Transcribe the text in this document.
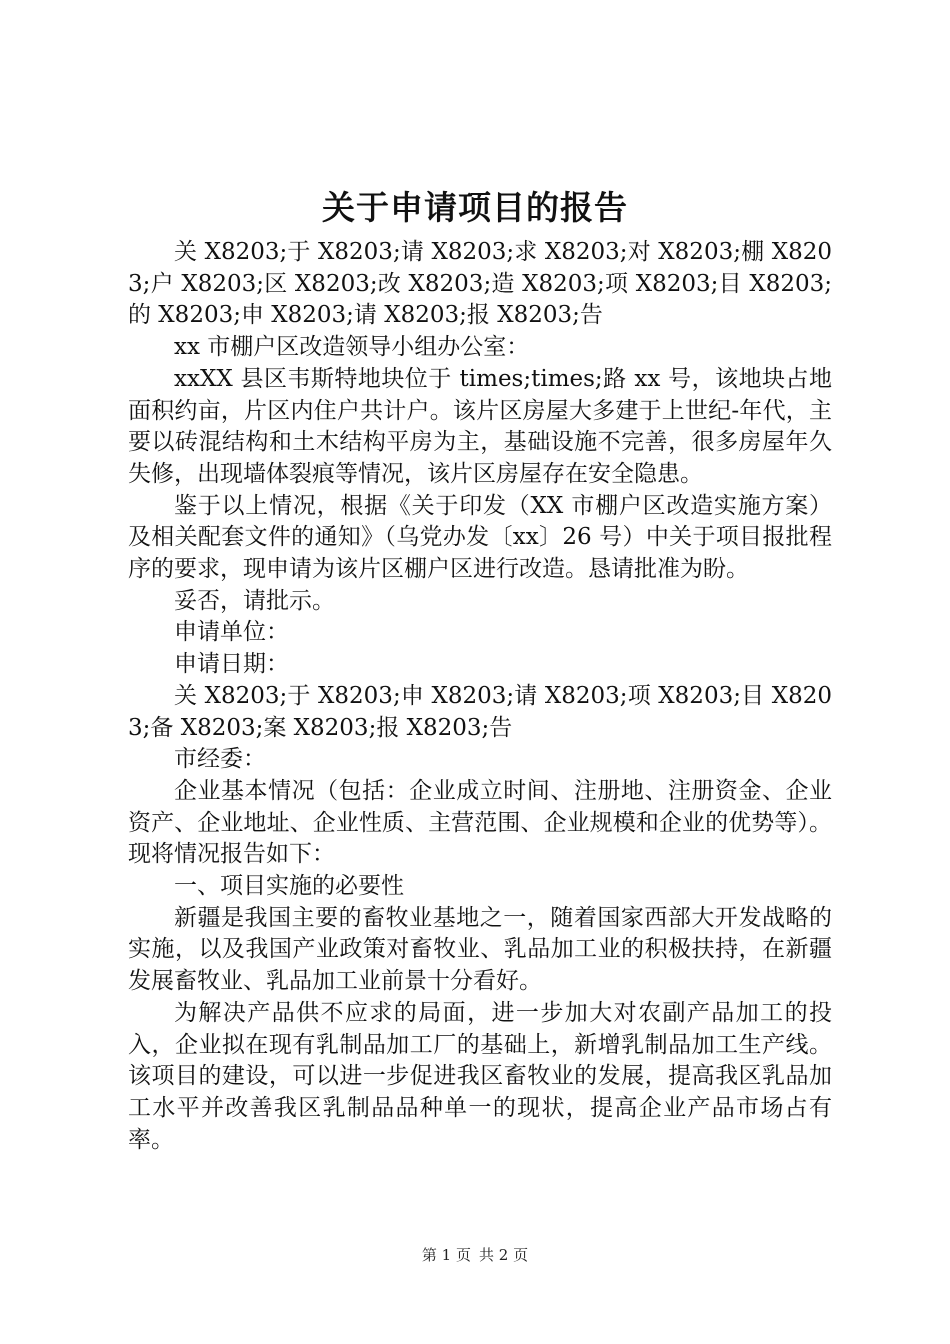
关于申请项目的报告

关 X8203;于 X8203;请 X8203;求 X8203;对 X8203;棚 X8203;户 X8203;区 X8203;改 X8203;造 X8203;项 X8203;目 X8203;的 X8203;申 X8203;请 X8203;报 X8203;告

xx 市棚户区改造领导小组办公室：

xxXX 县区韦斯特地块位于 times;times;路 xx 号，该地块占地面积约亩，片区内住户共计户。该片区房屋大多建于上世纪-年代，主要以砖混结构和土木结构平房为主，基础设施不完善，很多房屋年久失修，出现墙体裂痕等情况，该片区房屋存在安全隐患。

鉴于以上情况，根据《关于印发（XX 市棚户区改造实施方案）及相关配套文件的通知》（乌党办发〔xx〕26 号）中关于项目报批程序的要求，现申请为该片区棚户区进行改造。恳请批准为盼。

妥否，请批示。

申请单位：

申请日期：

关 X8203;于 X8203;申 X8203;请 X8203;项 X8203;目 X8203;备 X8203;案 X8203;报 X8203;告

市经委：

企业基本情况（包括：企业成立时间、注册地、注册资金、企业资产、企业地址、企业性质、主营范围、企业规模和企业的优势等）。现将情况报告如下：

一、项目实施的必要性

新疆是我国主要的畜牧业基地之一，随着国家西部大开发战略的实施，以及我国产业政策对畜牧业、乳品加工业的积极扶持，在新疆发展畜牧业、乳品加工业前景十分看好。

为解决产品供不应求的局面，进一步加大对农副产品加工的投入，企业拟在现有乳制品加工厂的基础上，新增乳制品加工生产线。该项目的建设，可以进一步促进我区畜牧业的发展，提高我区乳品加工水平并改善我区乳制品品种单一的现状，提高企业产品市场占有率。

第 1 页 共 2 页
